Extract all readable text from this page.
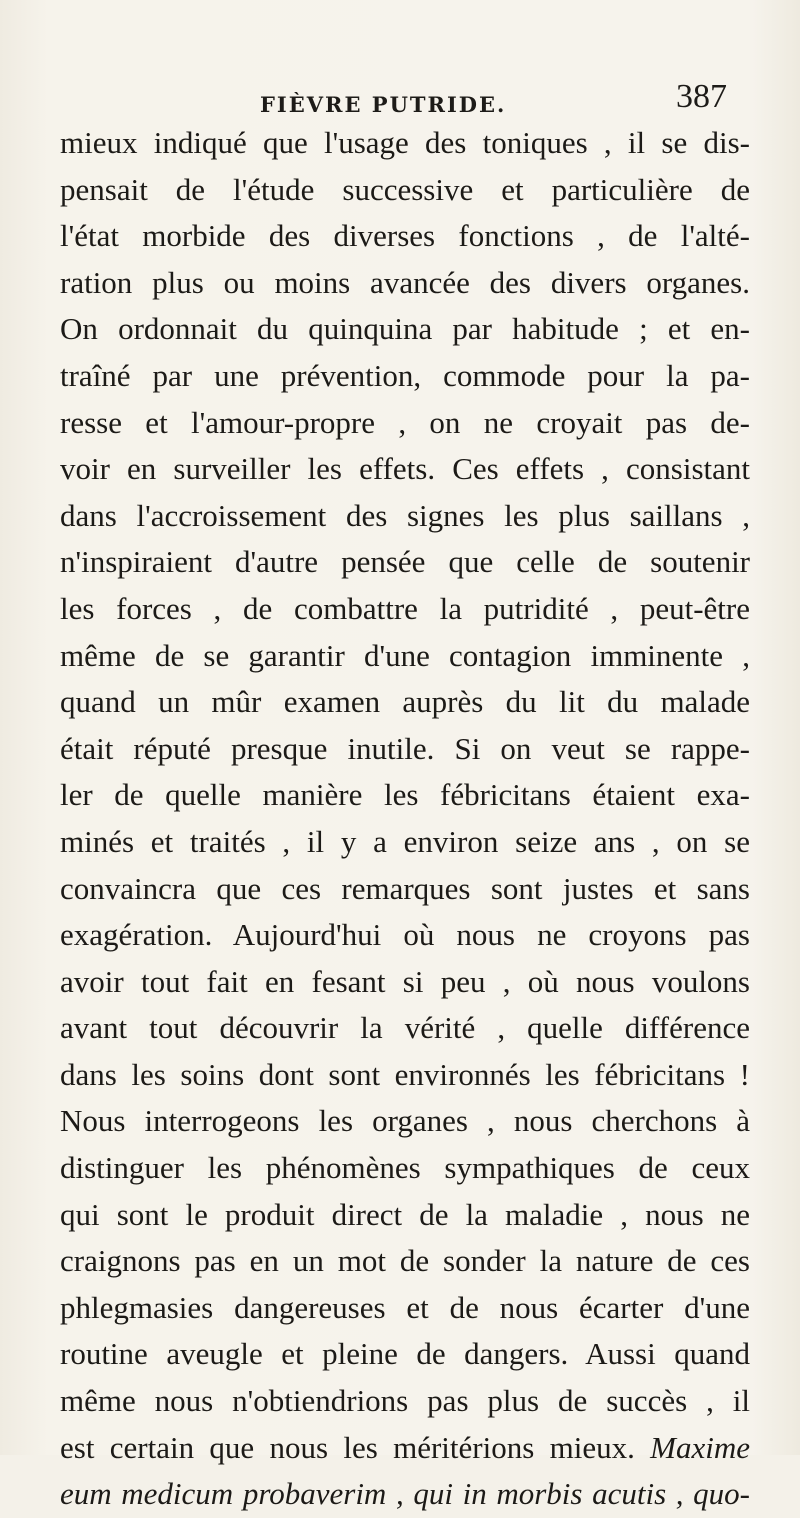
FIÈVRE PUTRIDE.	387
mieux indiqué que l'usage des toniques , il se dis-
pensait de l'étude successive et particulière de
l'état morbide des diverses fonctions , de l'alté-
ration plus ou moins avancée des divers organes.
On ordonnait du quinquina par habitude ; et en-
traîné par une prévention, commode pour la pa-
resse et l'amour-propre , on ne croyait pas de-
voir en surveiller les effets. Ces effets , consistant
dans l'accroissement des signes les plus saillans ,
n'inspiraient d'autre pensée que celle de soutenir
les forces , de combattre la putridité , peut-être
même de se garantir d'une contagion imminente ,
quand un mûr examen auprès du lit du malade
était réputé presque inutile. Si on veut se rappe-
ler de quelle manière les fébricitans étaient exa-
minés et traités , il y a environ seize ans , on se
convaincra que ces remarques sont justes et sans
exagération. Aujourd'hui où nous ne croyons pas
avoir tout fait en fesant si peu , où nous voulons
avant tout découvrir la vérité , quelle différence
dans les soins dont sont environnés les fébricitans !
Nous interrogeons les organes , nous cherchons à
distinguer les phénomènes sympathiques de ceux
qui sont le produit direct de la maladie , nous ne
craignons pas en un mot de sonder la nature de ces
phlegmasies dangereuses et de nous écarter d'une
routine aveugle et pleine de dangers. Aussi quand
même nous n'obtiendrions pas plus de succès , il
est certain que nous les méritérions mieux. Maxime
eum medicum probaverim , qui in morbis acutis , quo-
